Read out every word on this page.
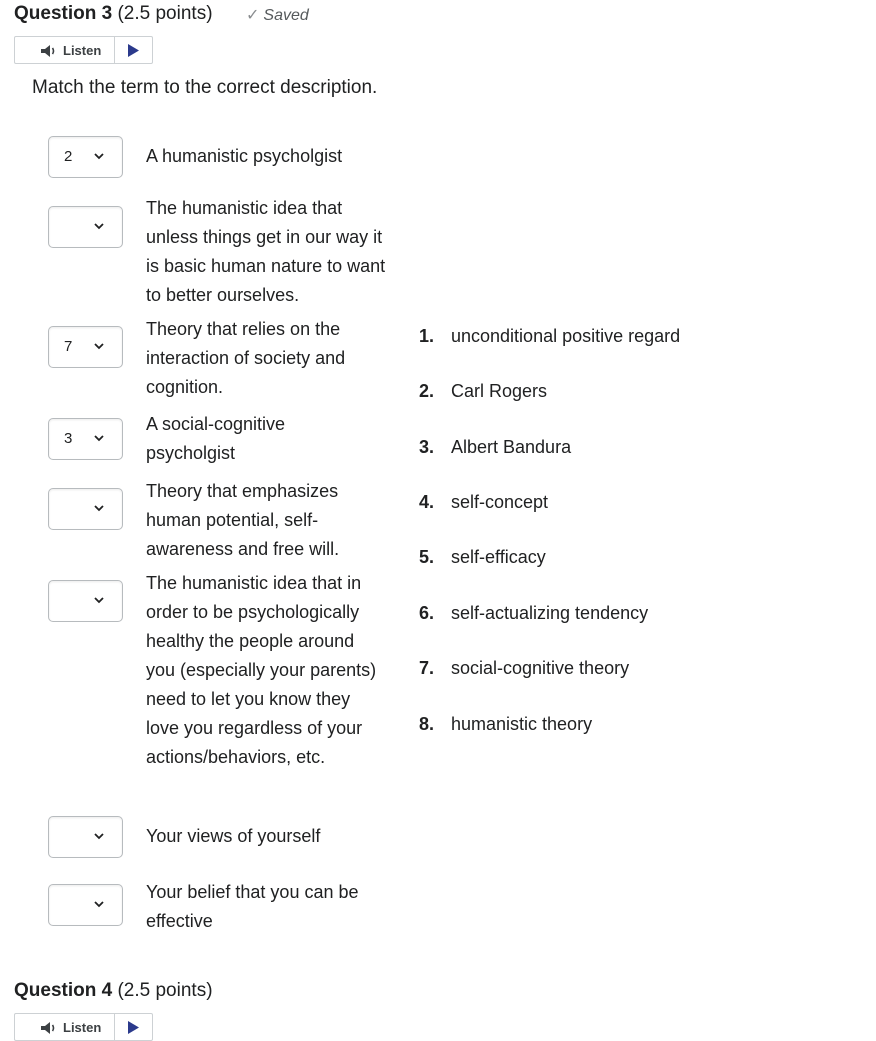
Question 3 (2.5 points) ✓ Saved
Listen
Match the term to the correct description.
2	A humanistic psycholgist
The humanistic idea that unless things get in our way it is basic human nature to want to better ourselves.
7
Theory that relies on the interaction of society and cognition.
3
A social-cognitive psycholgist
Theory that emphasizes human potential, self-awareness and free will.
The humanistic idea that in order to be psychologically healthy the people around you (especially your parents) need to let you know they love you regardless of your actions/behaviors, etc.
Your views of yourself
Your belief that you can be effective
1. unconditional positive regard
2. Carl Rogers
3. Albert Bandura
4. self-concept
5. self-efficacy
6. self-actualizing tendency
7. social-cognitive theory
8. humanistic theory
Question 4 (2.5 points)
Listen
